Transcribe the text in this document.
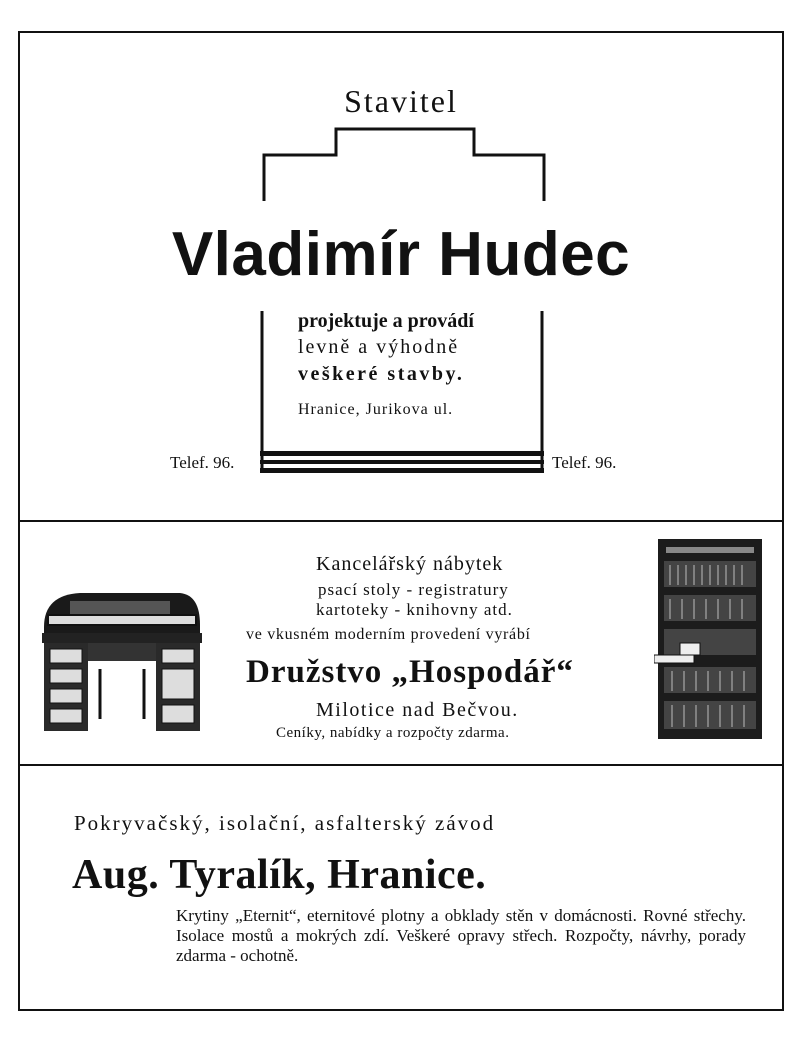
Stavitel
Vladimír Hudec
projektuje a provádí
levně a výhodně
veškeré stavby.
Hranice, Jurikova ul.
Telef. 96.	Telef. 96.
Kancelářský nábytek
psací stoly - registratury
kartoteky - knihovny atd.
ve vkusném moderním provedení vyrábí
Družstvo „Hospodář“
Milotice nad Bečvou.
Ceníky, nabídky a rozpočty zdarma.
Pokryvačský, isolační, asfalterský závod
Aug. Tyralík, Hranice.
Krytiny „Eternit“, eternitové plotny a obklady stěn v domácnosti. Rovné střechy. Isolace mostů a mokrých zdí. Veškeré opravy střech. Rozpočty, návrhy, porady zdarma - ochotně.
